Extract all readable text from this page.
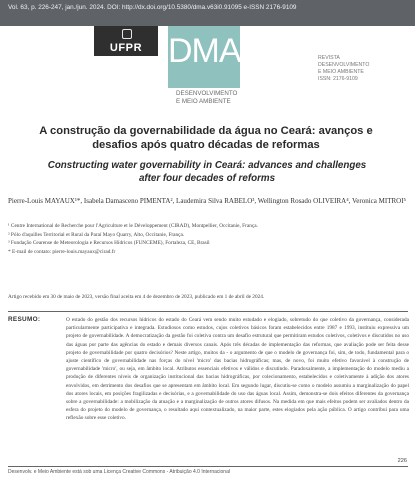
Vol. 63, p. 226-247, jan./jun. 2024. DOI: http://dx.doi.org/10.5380/dma.v63i0.91095 e-ISSN 2176-9109
UFPR DMA
DESENVOLVIMENTO
E MEIO AMBIENTE
REVISTA
DESENVOLVIMENTO
E MEIO AMBIENTE
ISSN: 2176-9109
A construção da governabilidade da água no Ceará: avanços e desafios após quatro décadas de reformas
Constructing water governability in Ceará: advances and challenges after four decades of reforms
Pierre-Louis MAYAUX¹*, Isabela Damasceno PIMENTA², Laudemira Silva RABELO³, Wellington Rosado OLIVEIRA⁴, Veronica MITROI⁵
¹ Centre International de Recherche pour l'Agriculture et le Développement (CIRAD), Montpellier, Occitanie, França.
² Pólo d'aquilles Territorial et Rural da Paraí Mayo Quarry, Alto, Occitanie, França.
³ Fundação Cearense de Meteorologia e Recursos Hídricos (FUNCEME), Fortaleza, CE, Brasil
* E-mail de contato: pierre-louis.mayaux@cirad.fr
Artigo recebido em 30 de maio de 2023, versão final aceita em 4 de dezembro de 2023, publicado em 1 de abril de 2024.
RESUMO:	O estado do gestão dos recursos hídricos do estado do Ceará vem sendo muito estudado e elogiado, sobretudo do que coletivo da governança, considerada particularmente participativa e integrada. Estudiosos como estudos, cujos coletivos básicos foram estabelecidos entre 1987 e 1993, instituiu expressiva um projeto de governabilidade. A democratização da gestão foi coletiva contra um desafio estrutural que permitiram estudos coletivos, coletivos e discutidos no uso das águas por parte das agências do estado e demais diversos canais. Após três décadas de implementação das reformas, que avaliação pode ser feita desse projeto de governabilidade por quatro decisórios? Neste artigo, muitos da - o argumento de que o modelo de governança foi, sim, de todo, fundamental para o ajuste científico de governabilidade nas forças do nível 'micro' das bacias hidrográficas; mas, de novo, foi muito efetivo favorável à construção de governabilidade 'micro', ou seja, em âmbito local. Atributos essenciais efetivos e válidos e discutindo. Paradoxalmente, a implementação do modelo mediu a produção de diferentes níveis de organização institucional das bacias hidrográficas, por colecionamento, estabelecidos e coletivamente à adição dos atores envolvidos, em detrimento dos desafios que se apresentam em âmbito local. Em segundo lugar, discutiu-se como o modelo assumiu a marginalização do papel dos atores locais, em posições fragilizadas e decisórias, e a governabilidade do uso das águas local. Assim, demonstra-se dois efeitos diferentes da governança sobre a governabilidade: a mobilização da atuação e a marginalização de outros atores difusos. Na medida em que mais efeitos podem ser avaliados dentro da esfera do projeto do modelo de governança, o resultado aqui contextualizado, na maior parte, estes elogiados pela ação pública. O artigo contribui para uma reflexão sobre esse coletivo.

Desenvolv. e Meio Ambiente está sob uma Licença Creative Commons - Atribuição 4.0 Internacional
226
